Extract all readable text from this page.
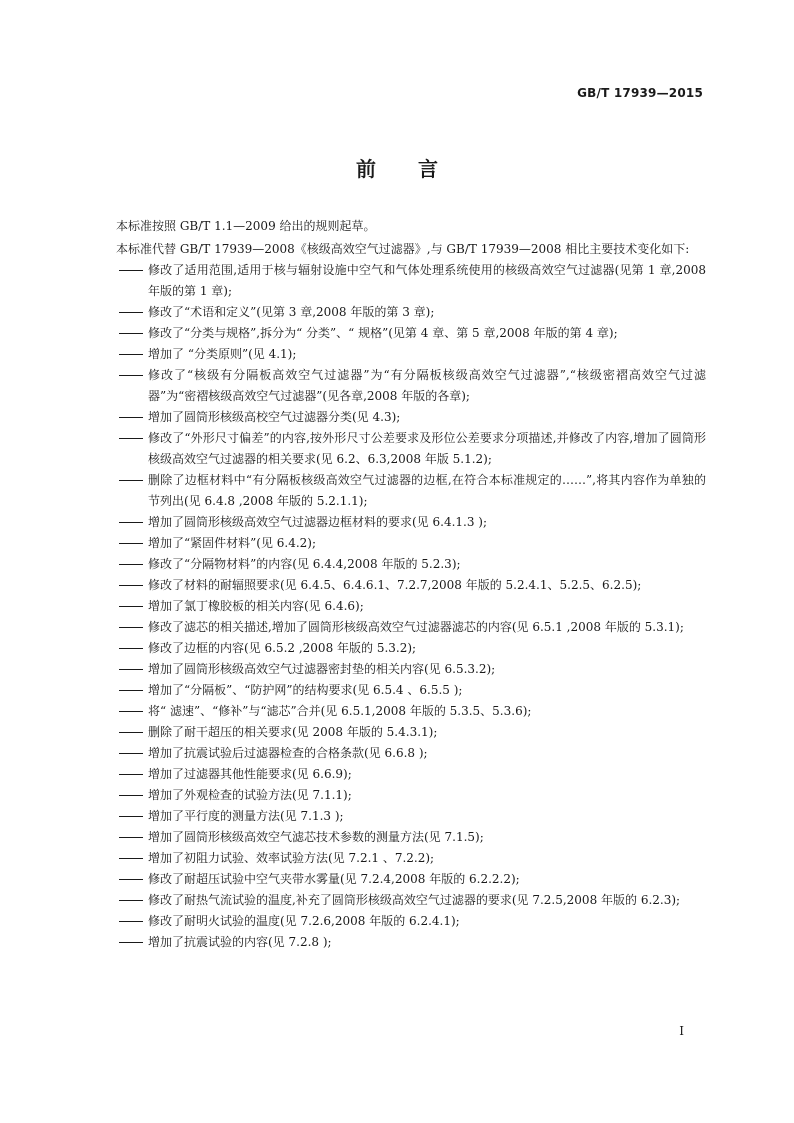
GB/T 17939—2015
前言
本标准按照 GB/T 1.1—2009 给出的规则起草。
本标准代替 GB/T 17939—2008《核级高效空气过滤器》,与 GB/T 17939—2008 相比主要技术变化如下:
修改了适用范围,适用于核与辐射设施中空气和气体处理系统使用的核级高效空气过滤器(见第 1 章,2008 年版的第 1 章);
修改了“术语和定义”(见第 3 章,2008 年版的第 3 章);
修改了“分类与规格”,拆分为“ 分类”、“ 规格”(见第 4 章、第 5 章,2008 年版的第 4 章);
增加了 “分类原则”(见 4.1);
修改了“核级有分隔板高效空气过滤器”为“有分隔板核级高效空气过滤器”,“核级密褶高效空气过滤器”为“密褶核级高效空气过滤器”(见各章,2008 年版的各章);
增加了圆筒形核级高校空气过滤器分类(见 4.3);
修改了“外形尺寸偏差”的内容,按外形尺寸公差要求及形位公差要求分项描述,并修改了内容,增加了圆筒形核级高效空气过滤器的相关要求(见 6.2、6.3,2008 年版 5.1.2);
删除了边框材料中“有分隔板核级高效空气过滤器的边框,在符合本标准规定的……”,将其内容作为单独的节列出(见 6.4.8 ,2008 年版的 5.2.1.1);
增加了圆筒形核级高效空气过滤器边框材料的要求(见 6.4.1.3 );
增加了“紧固件材料”(见 6.4.2);
修改了“分隔物材料”的内容(见 6.4.4,2008 年版的 5.2.3);
修改了材料的耐辐照要求(见 6.4.5、6.4.6.1、7.2.7,2008 年版的 5.2.4.1、5.2.5、6.2.5);
增加了氯丁橡胶板的相关内容(见 6.4.6);
修改了滤芯的相关描述,增加了圆筒形核级高效空气过滤器滤芯的内容(见 6.5.1 ,2008 年版的 5.3.1);
修改了边框的内容(见 6.5.2 ,2008 年版的 5.3.2);
增加了圆筒形核级高效空气过滤器密封垫的相关内容(见 6.5.3.2);
增加了“分隔板”、“防护网”的结构要求(见 6.5.4 、6.5.5 );
将“ 滤速”、“修补”与“滤芯”合并(见 6.5.1,2008 年版的 5.3.5、5.3.6);
删除了耐干超压的相关要求(见 2008 年版的 5.4.3.1);
增加了抗震试验后过滤器检查的合格条款(见 6.6.8 );
增加了过滤器其他性能要求(见 6.6.9);
增加了外观检查的试验方法(见 7.1.1);
增加了平行度的测量方法(见 7.1.3 );
增加了圆筒形核级高效空气滤芯技术参数的测量方法(见 7.1.5);
增加了初阻力试验、效率试验方法(见 7.2.1 、7.2.2);
修改了耐超压试验中空气夹带水雾量(见 7.2.4,2008 年版的 6.2.2.2);
修改了耐热气流试验的温度,补充了圆筒形核级高效空气过滤器的要求(见 7.2.5,2008 年版的 6.2.3);
修改了耐明火试验的温度(见 7.2.6,2008 年版的 6.2.4.1);
增加了抗震试验的内容(见 7.2.8 );
I
